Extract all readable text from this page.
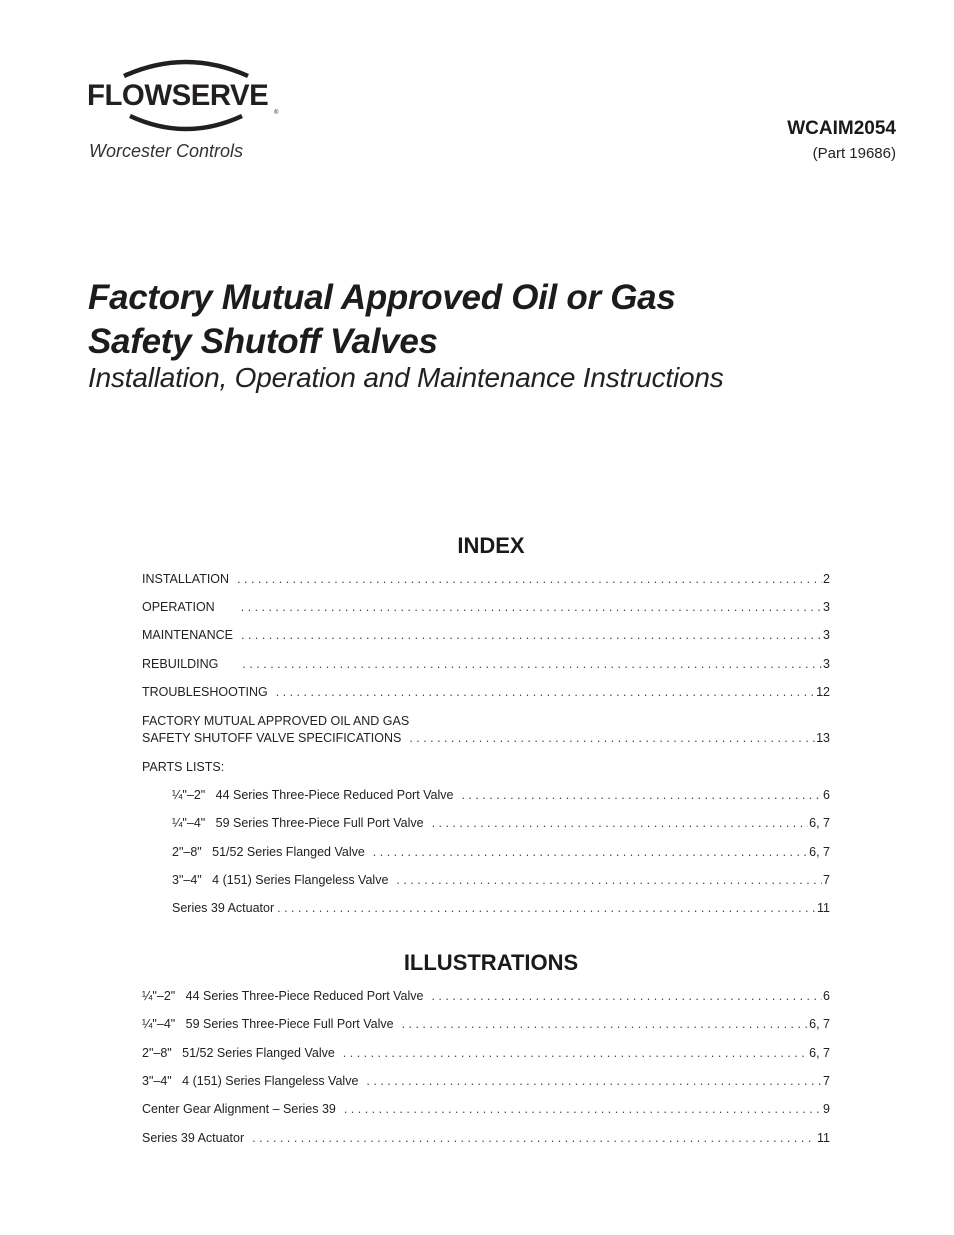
FLOWSERVE
®
Worcester Controls
WCAIM2054
(Part 19686)
Factory Mutual Approved Oil or Gas
Safety Shutoff Valves
Installation, Operation and Maintenance Instructions
INDEX
INSTALLATION . . .	2
OPERATION . . .	3
MAINTENANCE . . .	3
REBUILDING . . .	3
TROUBLESHOOTING . . .	12
FACTORY MUTUAL APPROVED OIL AND GAS
SAFETY SHUTOFF VALVE SPECIFICATIONS . . .	13
PARTS LISTS:
¼"–2"   44 Series Three-Piece Reduced Port Valve . . .	6
¼"–4"   59 Series Three-Piece Full Port Valve . . .	6, 7
2"–8"   51/52 Series Flanged Valve . . .	6, 7
3"–4"   4 (151) Series Flangeless Valve . . .	7
Series 39 Actuator . . .	11
ILLUSTRATIONS
¼"–2"   44 Series Three-Piece Reduced Port Valve . . .	6
¼"–4"   59 Series Three-Piece Full Port Valve . . .	6, 7
2"–8"   51/52 Series Flanged Valve . . .	6, 7
3"–4"   4 (151) Series Flangeless Valve . . .	7
Center Gear Alignment – Series 39 . . .	9
Series 39 Actuator . . .	11
